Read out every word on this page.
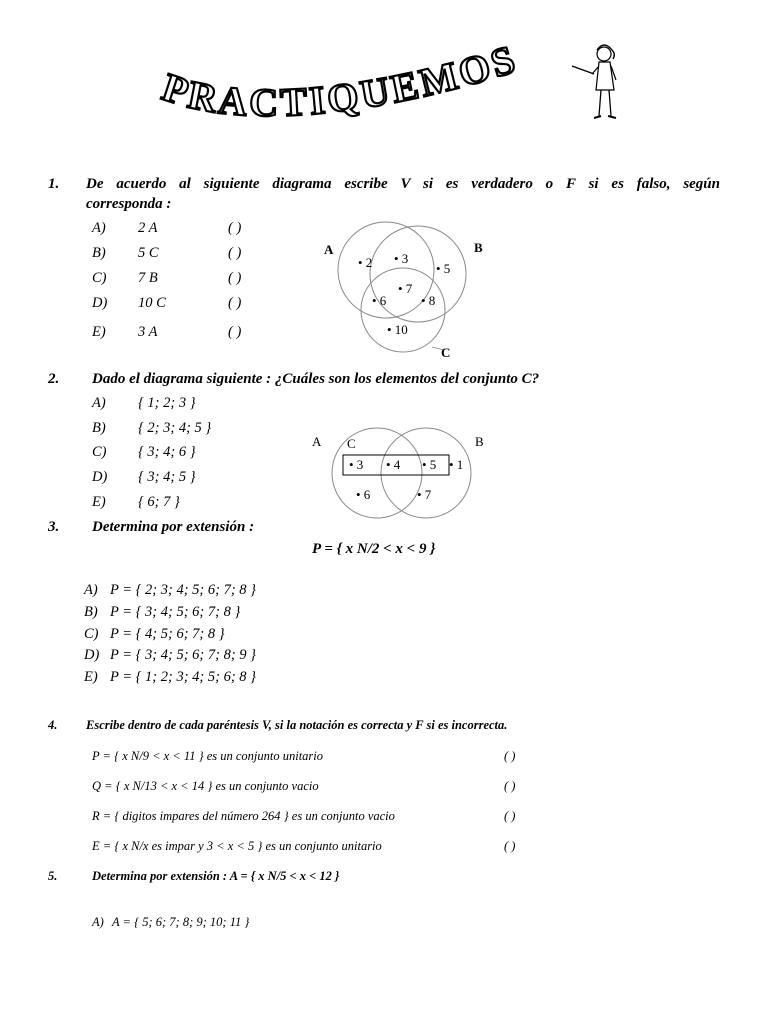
PRACTIQUEMOS
1. De acuerdo al siguiente diagrama escribe V si es verdadero o F si es falso, según
corresponda :
A) 2 A	( )
B) 5 C	( )
C) 7 B	( )
D) 10 C	( )
E) 3 A	( )
A	B
C
• 2 • 3
• 5
• 7
• 6	• 8
• 10
2. Dado el diagrama siguiente : ¿Cuáles son los elementos del conjunto C?
A) { 1; 2; 3 }
B) { 2; 3; 4; 5 }
C) { 3; 4; 6 }
D) { 3; 4; 5 }
E) { 6; 7 }
A	B
C
• 3 • 4 • 5 • 1
• 6	• 7
3. Determina por extensión :
P = { x N/2 < x < 9 }
A) P = { 2; 3; 4; 5; 6; 7; 8 }
B) P = { 3; 4; 5; 6; 7; 8 }
C) P = { 4; 5; 6; 7; 8 }
D) P = { 3; 4; 5; 6; 7; 8; 9 }
E) P = { 1; 2; 3; 4; 5; 6; 8 }
4. Escribe dentro de cada paréntesis V, si la notación es correcta y F si es incorrecta.
P = { x N/9 < x < 11 } es un conjunto unitario	( )
Q = { x N/13 < x < 14 } es un conjunto vacio	( )
R = { digitos impares del número 264 } es un conjunto vacio	( )
E = { x N/x es impar y 3 < x < 5 } es un conjunto unitario	( )
5.	Determina por extensión : A = { x N/5 < x < 12 }
A) A = { 5; 6; 7; 8; 9; 10; 11 }
